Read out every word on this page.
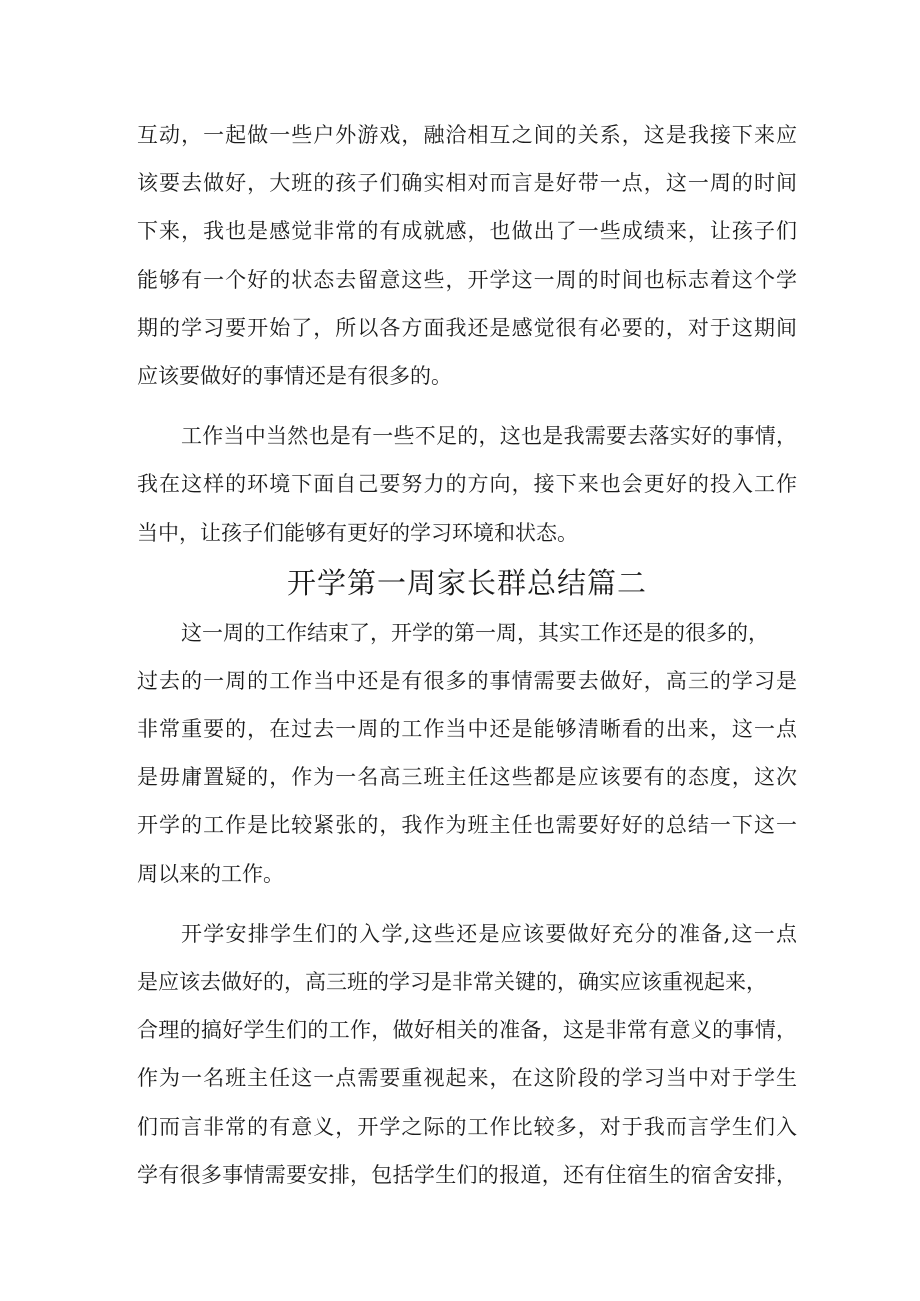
互动，一起做一些户外游戏，融洽相互之间的关系，这是我接下来应
该要去做好，大班的孩子们确实相对而言是好带一点，这一周的时间
下来，我也是感觉非常的有成就感，也做出了一些成绩来，让孩子们
能够有一个好的状态去留意这些，开学这一周的时间也标志着这个学
期的学习要开始了，所以各方面我还是感觉很有必要的，对于这期间
应该要做好的事情还是有很多的。
工作当中当然也是有一些不足的，这也是我需要去落实好的事情，
我在这样的环境下面自己要努力的方向，接下来也会更好的投入工作
当中，让孩子们能够有更好的学习环境和状态。
开学第一周家长群总结篇二
这一周的工作结束了，开学的第一周，其实工作还是的很多的，
过去的一周的工作当中还是有很多的事情需要去做好，高三的学习是
非常重要的，在过去一周的工作当中还是能够清晰看的出来，这一点
是毋庸置疑的，作为一名高三班主任这些都是应该要有的态度，这次
开学的工作是比较紧张的，我作为班主任也需要好好的总结一下这一
周以来的工作。
开学安排学生们的入学,这些还是应该要做好充分的准备,这一点
是应该去做好的，高三班的学习是非常关键的，确实应该重视起来，
合理的搞好学生们的工作，做好相关的准备，这是非常有意义的事情，
作为一名班主任这一点需要重视起来，在这阶段的学习当中对于学生
们而言非常的有意义，开学之际的工作比较多，对于我而言学生们入
学有很多事情需要安排，包括学生们的报道，还有住宿生的宿舍安排，
